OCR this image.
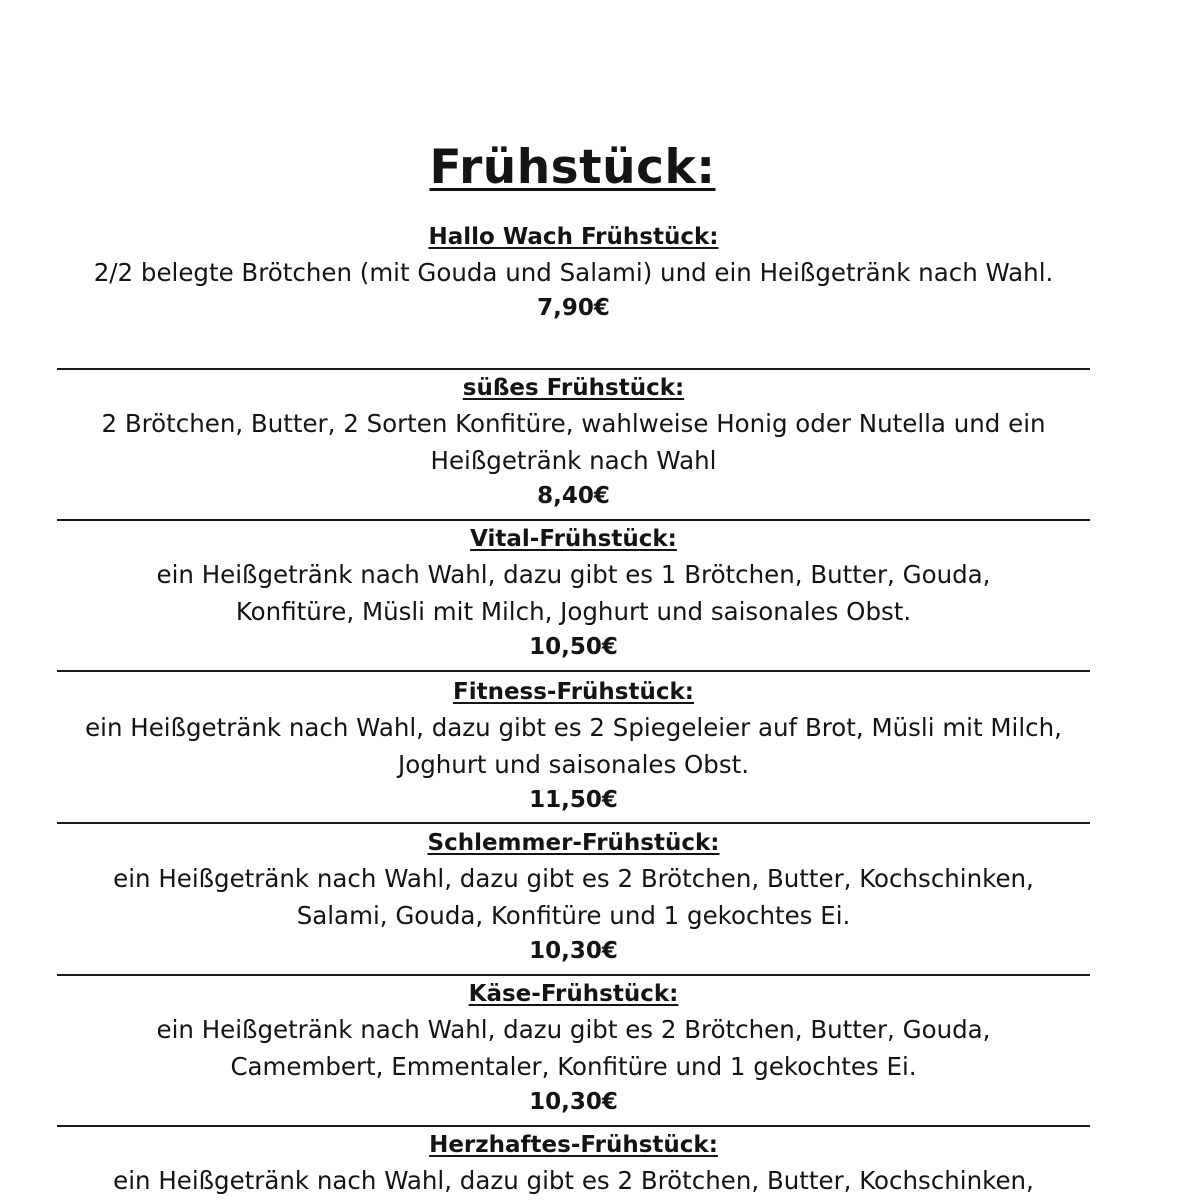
Frühstück:
Hallo Wach Frühstück:
2/2 belegte Brötchen (mit Gouda und Salami) und ein Heißgetränk nach Wahl.
7,90€
süßes Frühstück:
2 Brötchen, Butter, 2 Sorten Konfitüre, wahlweise Honig oder Nutella und ein Heißgetränk nach Wahl
8,40€
Vital-Frühstück:
ein Heißgetränk nach Wahl, dazu gibt es 1 Brötchen, Butter, Gouda, Konfitüre, Müsli mit Milch, Joghurt und saisonales Obst.
10,50€
Fitness-Frühstück:
ein Heißgetränk nach Wahl, dazu gibt es 2 Spiegeleier auf Brot, Müsli mit Milch, Joghurt und saisonales Obst.
11,50€
Schlemmer-Frühstück:
ein Heißgetränk nach Wahl, dazu gibt es 2 Brötchen, Butter, Kochschinken, Salami, Gouda, Konfitüre und 1 gekochtes Ei.
10,30€
Käse-Frühstück:
ein Heißgetränk nach Wahl, dazu gibt es 2 Brötchen, Butter, Gouda, Camembert, Emmentaler, Konfitüre und 1 gekochtes Ei.
10,30€
Herzhaftes-Frühstück:
ein Heißgetränk nach Wahl, dazu gibt es 2 Brötchen, Butter, Kochschinken,
